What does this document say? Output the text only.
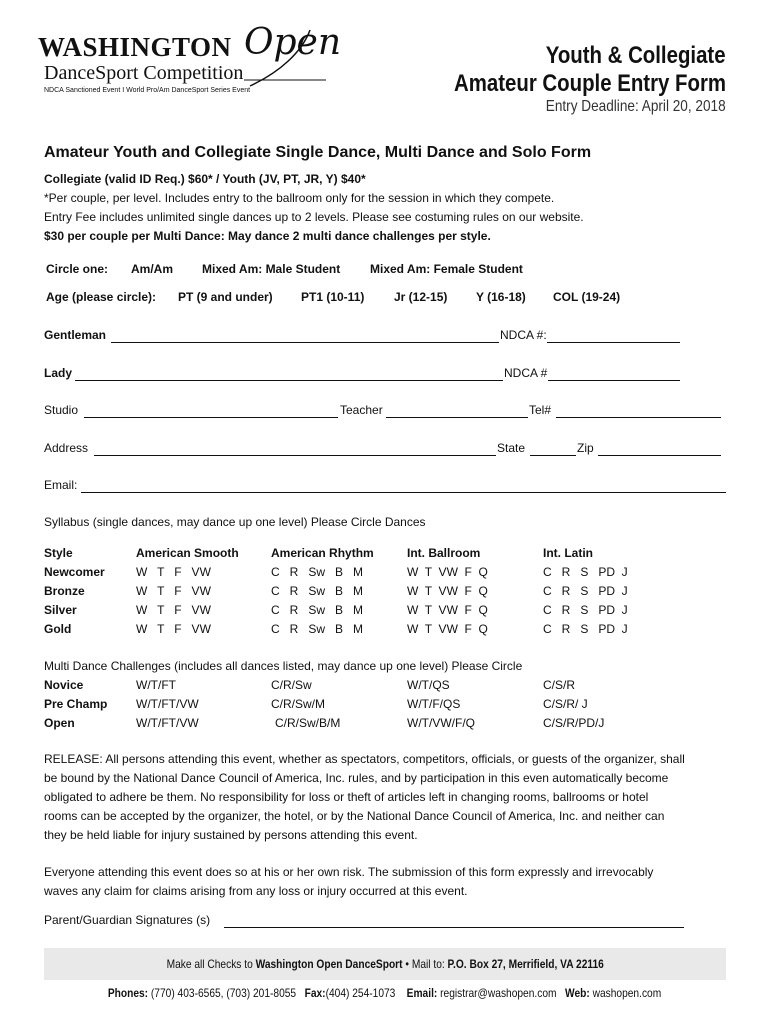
WASHINGTON Open
DanceSport Competition
NDCA Sanctioned Event I World Pro/Am DanceSport Series Event
Youth & Collegiate
Amateur Couple Entry Form
Entry Deadline: April 20, 2018
Amateur Youth and Collegiate Single Dance, Multi Dance and Solo Form
Collegiate (valid ID Req.) $60* / Youth (JV, PT, JR, Y) $40*
*Per couple, per level. Includes entry to the ballroom only for the session in which they compete.
Entry Fee includes unlimited single dances up to 2 levels. Please see costuming rules on our website.
$30 per couple per Multi Dance: May dance 2 multi dance challenges per style.
Circle one: Am/Am Mixed Am: Male Student Mixed Am: Female Student
Age (please circle): PT (9 and under) PT1 (10-11) Jr (12-15) Y (16-18) COL (19-24)
Gentleman	NDCA #:
Lady	NDCA #
Studio	Teacher	Tel#
Address	State	Zip
Email:
Syllabus (single dances, may dance up one level) Please Circle Dances
Style	American Smooth	American Rhythm	Int. Ballroom	Int. Latin
Newcomer	W   T   F   VW	C   R   Sw   B   M	W  T  VW  F  Q	C   R   S   PD  J
Bronze	W   T   F   VW	C   R   Sw   B   M	W  T  VW  F  Q	C   R   S   PD  J
Silver	W   T   F   VW	C   R   Sw   B   M	W  T  VW  F  Q	C   R   S   PD  J
Gold	W   T   F   VW	C   R   Sw   B   M	W  T  VW  F  Q	C   R   S   PD  J
Multi Dance Challenges (includes all dances listed, may dance up one level) Please Circle
Novice	W/T/FT	C/R/Sw	W/T/QS	C/S/R
Pre Champ W/T/FT/VW	C/R/Sw/M	W/T/F/QS	C/S/R/ J
Open	W/T/FT/VW	C/R/Sw/B/M	W/T/VW/F/Q	C/S/R/PD/J
RELEASE: All persons attending this event, whether as spectators, competitors, officials, or guests of the organizer, shall
be bound by the National Dance Council of America, Inc. rules, and by participation in this even automatically become
obligated to adhere be them. No responsibility for loss or theft of articles left in changing rooms, ballrooms or hotel
rooms can be accepted by the organizer, the hotel, or by the National Dance Council of America, Inc. and neither can
they be held liable for injury sustained by persons attending this event.
Everyone attending this event does so at his or her own risk. The submission of this form expressly and irrevocably
waves any claim for claims arising from any loss or injury occurred at this event.
Parent/Guardian Signatures (s)
Make all Checks to Washington Open DanceSport • Mail to: P.O. Box 27, Merrifield, VA 22116
Phones: (770) 403-6565, (703) 201-8055 Fax:(404) 254-1073 Email: registrar@washopen.com Web: washopen.com
